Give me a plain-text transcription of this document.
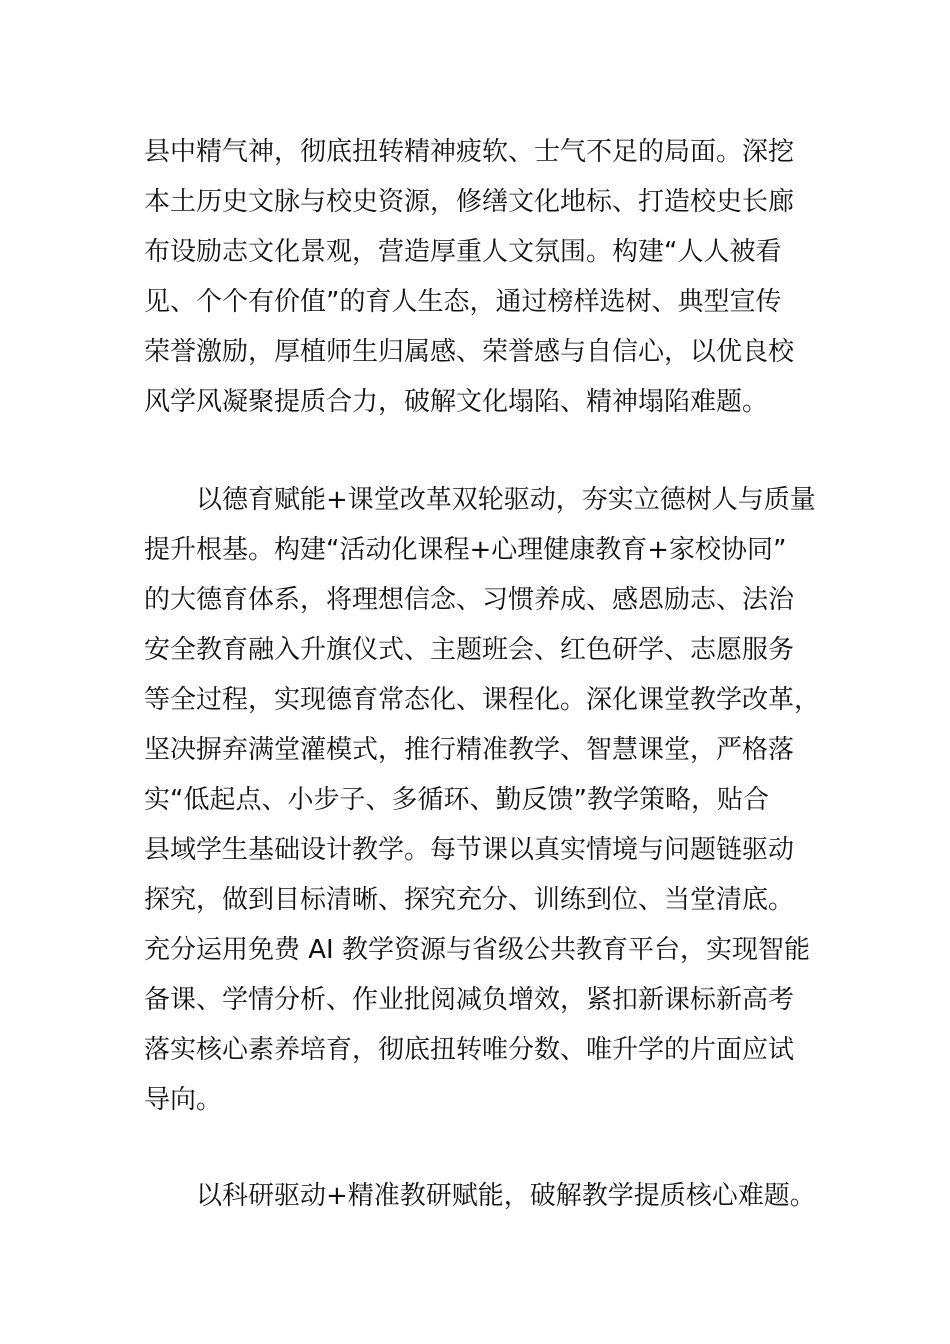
县中精气神，彻底扭转精神疲软、士气不足的局面。深挖
本土历史文脉与校史资源，修缮文化地标、打造校史长廊
布设励志文化景观，营造厚重人文氛围。构建“人人被看
见、个个有价值”的育人生态，通过榜样选树、典型宣传
荣誉激励，厚植师生归属感、荣誉感与自信心，以优良校
风学风凝聚提质合力，破解文化塌陷、精神塌陷难题。
以德育赋能+课堂改革双轮驱动，夯实立德树人与质量
提升根基。构建“活动化课程+心理健康教育+家校协同”
的大德育体系，将理想信念、习惯养成、感恩励志、法治
安全教育融入升旗仪式、主题班会、红色研学、志愿服务
等全过程，实现德育常态化、课程化。深化课堂教学改革，
坚决摒弃满堂灌模式，推行精准教学、智慧课堂，严格落
实“低起点、小步子、多循环、勤反馈”教学策略，贴合
县域学生基础设计教学。每节课以真实情境与问题链驱动
探究，做到目标清晰、探究充分、训练到位、当堂清底。
充分运用免费 AI 教学资源与省级公共教育平台，实现智能
备课、学情分析、作业批阅减负增效，紧扣新课标新高考
落实核心素养培育，彻底扭转唯分数、唯升学的片面应试
导向。
以科研驱动+精准教研赋能，破解教学提质核心难题。
